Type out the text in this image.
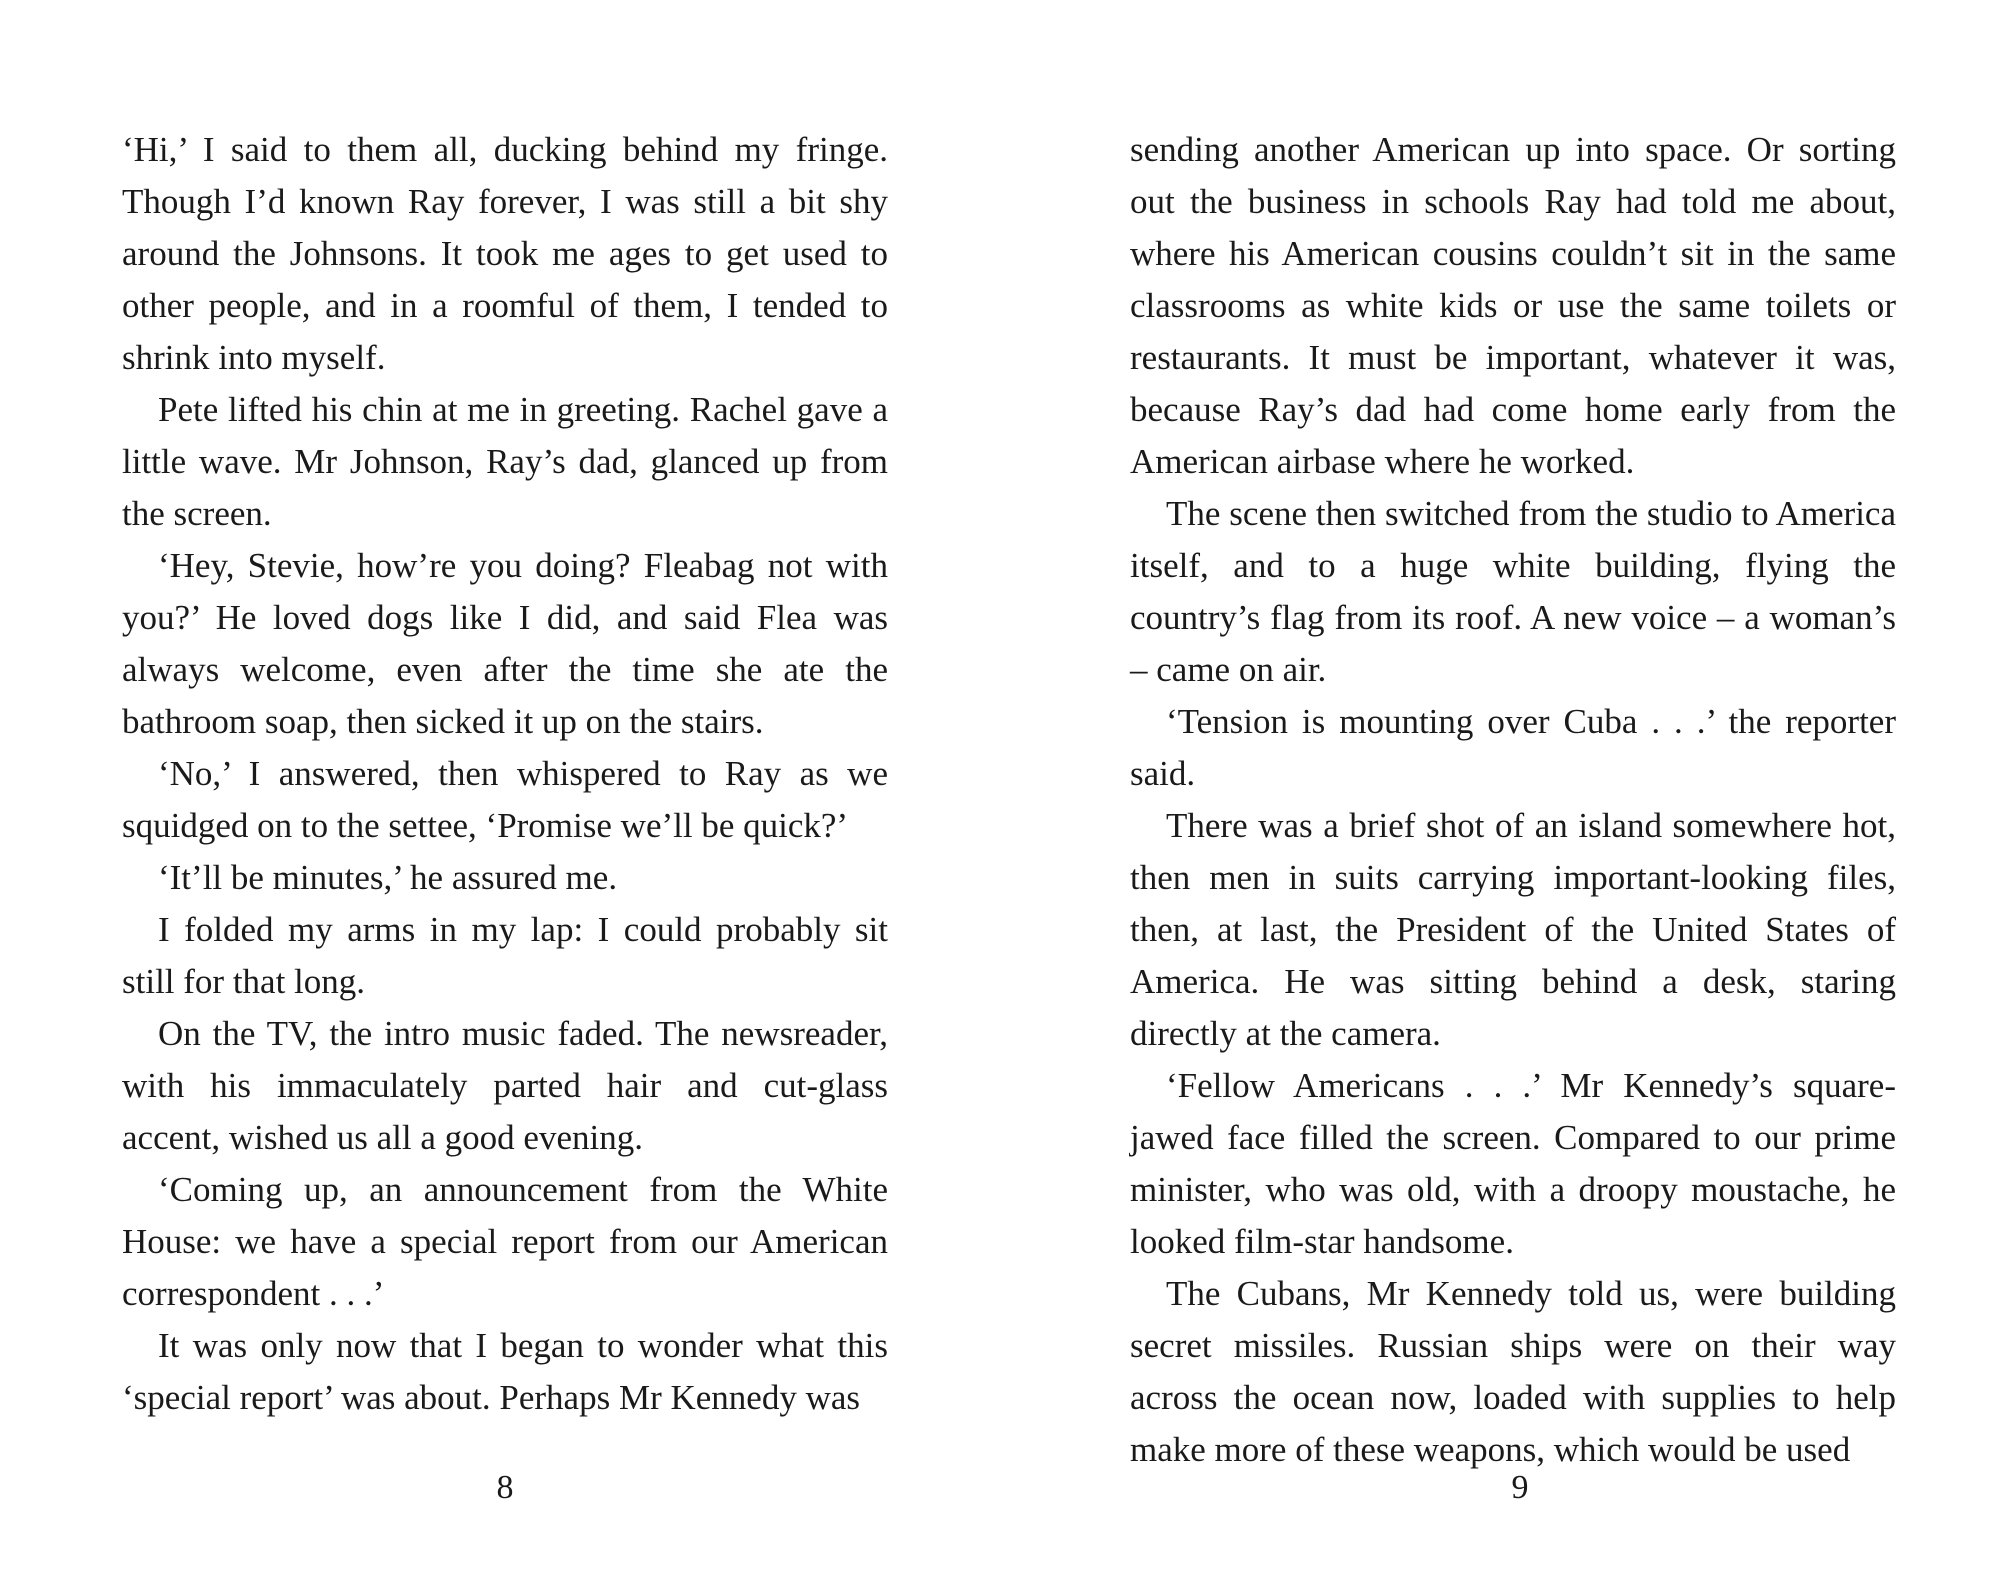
‘Hi,’ I said to them all, ducking behind my fringe. Though I’d known Ray forever, I was still a bit shy around the Johnsons. It took me ages to get used to other people, and in a roomful of them, I tended to shrink into myself.

Pete lifted his chin at me in greeting. Rachel gave a little wave. Mr Johnson, Ray’s dad, glanced up from the screen.

‘Hey, Stevie, how’re you doing? Fleabag not with you?’ He loved dogs like I did, and said Flea was always welcome, even after the time she ate the bathroom soap, then sicked it up on the stairs.

‘No,’ I answered, then whispered to Ray as we squidged on to the settee, ‘Promise we’ll be quick?’

‘It’ll be minutes,’ he assured me.

I folded my arms in my lap: I could probably sit still for that long.

On the TV, the intro music faded. The newsreader, with his immaculately parted hair and cut-glass accent, wished us all a good evening.

‘Coming up, an announcement from the White House: we have a special report from our American correspondent . . .’

It was only now that I began to wonder what this ‘special report’ was about. Perhaps Mr Kennedy was

8

sending another American up into space. Or sorting out the business in schools Ray had told me about, where his American cousins couldn’t sit in the same classrooms as white kids or use the same toilets or restaurants. It must be important, whatever it was, because Ray’s dad had come home early from the American airbase where he worked.

The scene then switched from the studio to America itself, and to a huge white building, flying the country’s flag from its roof. A new voice – a woman’s – came on air.

‘Tension is mounting over Cuba . . .’ the reporter said.

There was a brief shot of an island somewhere hot, then men in suits carrying important-looking files, then, at last, the President of the United States of America. He was sitting behind a desk, staring directly at the camera.

‘Fellow Americans . . .’ Mr Kennedy’s square-jawed face filled the screen. Compared to our prime minister, who was old, with a droopy moustache, he looked film-star handsome.

The Cubans, Mr Kennedy told us, were building secret missiles. Russian ships were on their way across the ocean now, loaded with supplies to help make more of these weapons, which would be used

9
